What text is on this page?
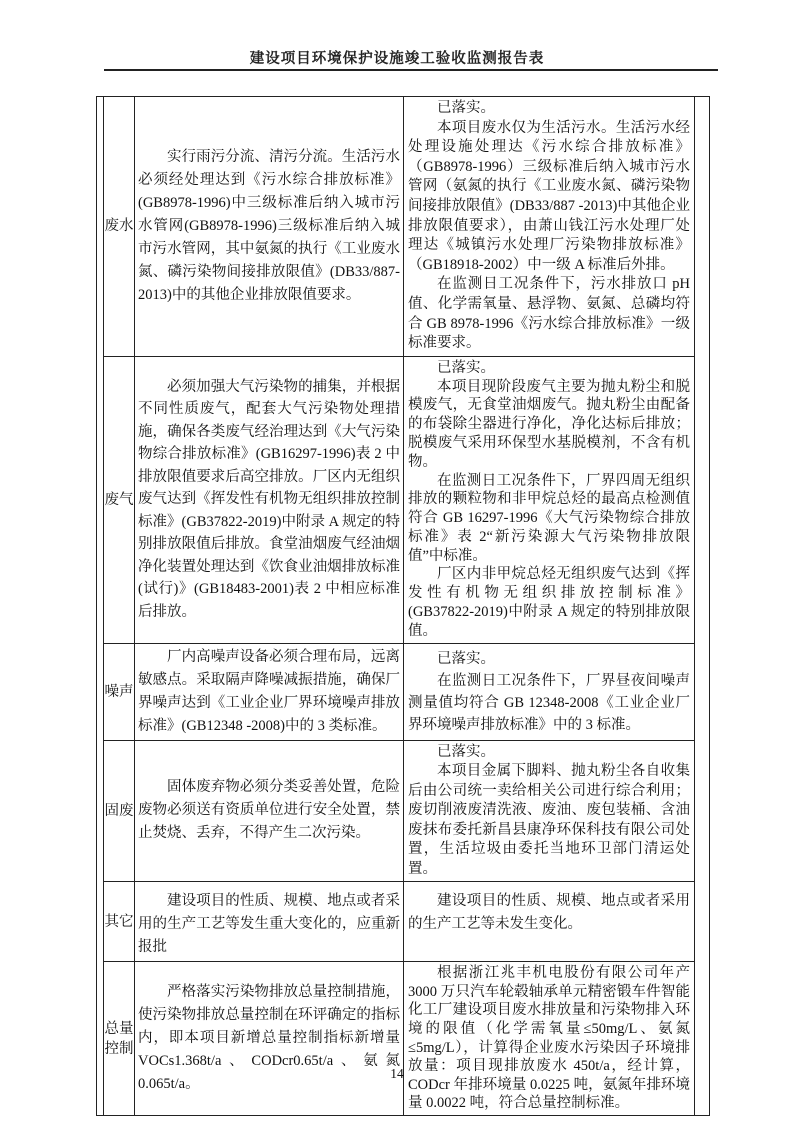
建设项目环境保护设施竣工验收监测报告表
废水

实行雨污分流、清污分流。生活污水必须经处理达到《污水综合排放标准》(GB8978-1996)中三级标准后纳入城市污水管网(GB8978-1996)三级标准后纳入城市污水管网，其中氨氮的执行《工业废水氮、磷污染物间接排放限值》(DB33/887-2013)中的其他企业排放限值要求。

已落实。

本项目废水仅为生活污水。生活污水经处理设施处理达《污水综合排放标准》（GB8978-1996）三级标准后纳入城市污水管网（氨氮的执行《工业废水氮、磷污染物间接排放限值》(DB33/887 -2013)中其他企业排放限值要求），由萧山钱江污水处理厂处理达《城镇污水处理厂污染物排放标准》（GB18918-2002）中一级 A 标准后外排。

在监测日工况条件下，污水排放口 pH 值、化学需氧量、悬浮物、氨氮、总磷均符合 GB 8978-1996《污水综合排放标准》一级标准要求。

废气

必须加强大气污染物的捕集，并根据不同性质废气，配套大气污染物处理措施，确保各类废气经治理达到《大气污染物综合排放标准》(GB16297-1996)表 2 中排放限值要求后高空排放。厂区内无组织废气达到《挥发性有机物无组织排放控制标准》(GB37822-2019)中附录 A 规定的特别排放限值后排放。食堂油烟废气经油烟净化装置处理达到《饮食业油烟排放标准(试行)》(GB18483-2001)表 2 中相应标准后排放。

已落实。

本项目现阶段废气主要为抛丸粉尘和脱模废气，无食堂油烟废气。抛丸粉尘由配备的布袋除尘器进行净化，净化达标后排放；脱模废气采用环保型水基脱模剂，不含有机物。

在监测日工况条件下，厂界四周无组织排放的颗粒物和非甲烷总烃的最高点检测值符合 GB 16297-1996《大气污染物综合排放标准》表 2“新污染源大气污染物排放限值”中标准。

厂区内非甲烷总烃无组织废气达到《挥发性有机物无组织排放控制标准》(GB37822-2019)中附录 A 规定的特别排放限值。

噪声

厂内高噪声设备必须合理布局，远离敏感点。采取隔声降噪减振措施，确保厂界噪声达到《工业企业厂界环境噪声排放标准》(GB12348 -2008)中的 3 类标准。

已落实。

在监测日工况条件下，厂界昼夜间噪声测量值均符合 GB 12348-2008《工业企业厂界环境噪声排放标准》中的 3 标准。

固废

固体废弃物必须分类妥善处置，危险废物必须送有资质单位进行安全处置，禁止焚烧、丢弃，不得产生二次污染。

已落实。

本项目金属下脚料、抛丸粉尘各自收集后由公司统一卖给相关公司进行综合利用；废切削液废清洗液、废油、废包装桶、含油废抹布委托新昌县康净环保科技有限公司处置，生活垃圾由委托当地环卫部门清运处置。

其它

建设项目的性质、规模、地点或者采用的生产工艺等发生重大变化的，应重新报批

建设项目的性质、规模、地点或者采用的生产工艺等未发生变化。

总量控制

严格落实污染物排放总量控制措施，使污染物排放总量控制在环评确定的指标内，即本项目新增总量控制指标新增量 VOCs1.368t/a、CODcr0.65t/a、氨氮 0.065t/a。

根据浙江兆丰机电股份有限公司年产 3000 万只汽车轮毂轴承单元精密锻车件智能化工厂建设项目废水排放量和污染物排入环境的限值（化学需氧量≤50mg/L、氨氮≤5mg/L），计算得企业废水污染因子环境排放量：项目现排放废水 450t/a，经计算，CODcr 年排环境量 0.0225 吨，氨氮年排环境量 0.0022 吨，符合总量控制标准。

14
